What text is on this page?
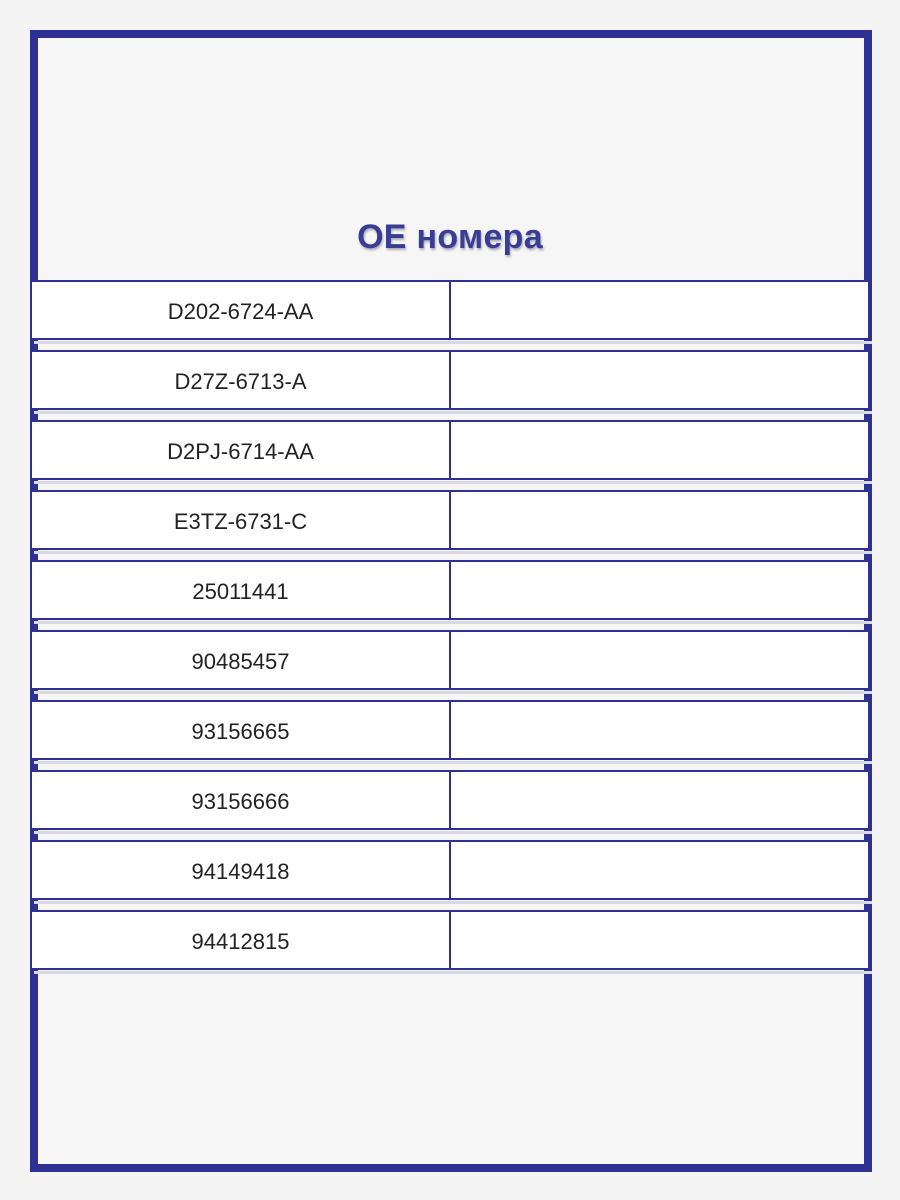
OE номера
D202-6724-AA
D27Z-6713-A
D2PJ-6714-AA
E3TZ-6731-C
25011441
90485457
93156665
93156666
94149418
94412815
